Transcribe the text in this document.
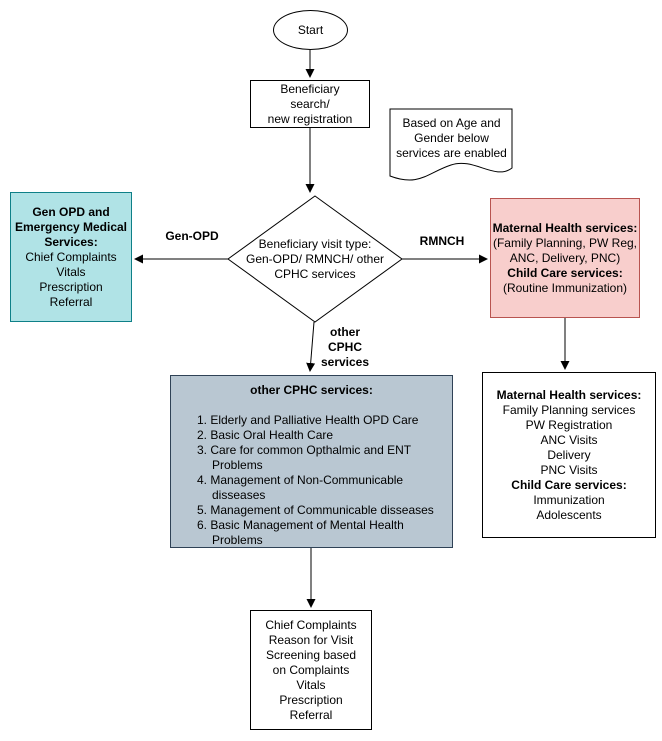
Start
Beneficiary
search/
new registration	Based on Age and
Gender below
services are enabled
Beneficiary visit type:
Gen-OPD/ RMNCH/ other
CPHC services
Gen OPD and
Emergency Medical
Services:
Chief Complaints
Vitals
Prescription
Referral
Maternal Health services:
(Family Planning, PW Reg,
ANC, Delivery, PNC)
Child Care services:
(Routine Immunization)
other CPHC services:
1. Elderly and Palliative Health OPD Care
2. Basic Oral Health Care
3. Care for common Opthalmic and ENT Problems
4. Management of Non-Communicable disseases
5. Management of Communicable disseases
6. Basic Management of Mental Health Problems
Maternal Health services:
Family Planning services
PW Registration
ANC Visits
Delivery
PNC Visits
Child Care services:
Immunization
Adolescents
Chief Complaints
Reason for Visit
Screening based
on Complaints
Vitals
Prescription
Referral
Gen-OPD	RMNCH
other
CPHC
services
